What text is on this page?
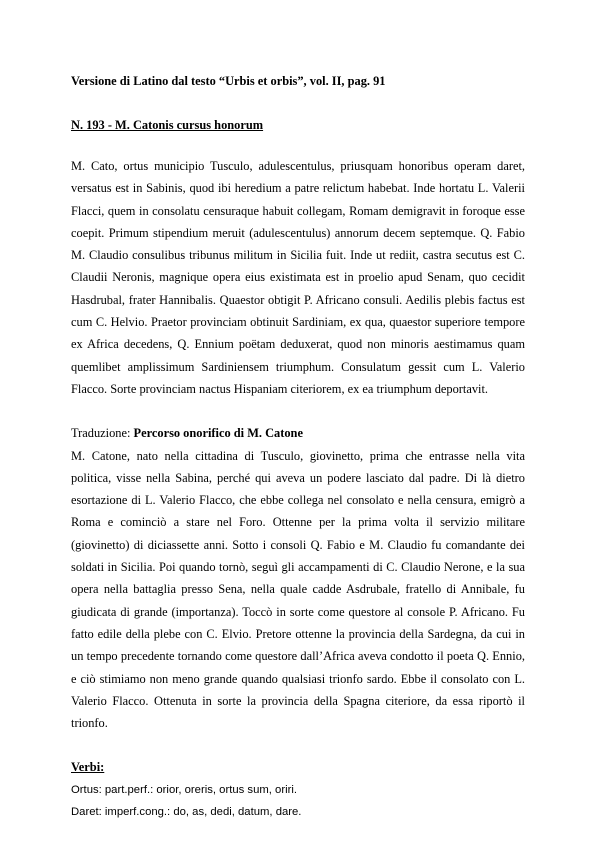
Versione di Latino dal testo “Urbis et orbis”, vol. II, pag. 91

N. 193 - M. Catonis cursus honorum

M. Cato, ortus municipio Tusculo, adulescentulus, priusquam honoribus operam daret, versatus est in Sabinis, quod ibi heredium a patre relictum habebat. Inde hortatu L. Valerii Flacci, quem in consolatu censuraque habuit collegam, Romam demigravit in foroque esse coepit. Primum stipendium meruit (adulescentulus) annorum decem septemque. Q. Fabio M. Claudio consulibus tribunus militum in Sicilia fuit. Inde ut rediit, castra secutus est C. Claudii Neronis, magnique opera eius existimata est in proelio apud Senam, quo cecidit Hasdrubal, frater Hannibalis. Quaestor obtigit P. Africano consuli. Aedilis plebis factus est cum C. Helvio. Praetor provinciam obtinuit Sardiniam, ex qua, quaestor superiore tempore ex Africa decedens, Q. Ennium poëtam deduxerat, quod non minoris aestimamus quam quemlibet amplissimum Sardiniensem triumphum. Consulatum gessit cum L. Valerio Flacco. Sorte provinciam nactus Hispaniam citeriorem, ex ea triumphum deportavit.

Traduzione: Percorso onorifico di M. Catone

M. Catone, nato nella cittadina di Tusculo, giovinetto, prima che entrasse nella vita politica, visse nella Sabina, perché qui aveva un podere lasciato dal padre. Di là dietro esortazione di L. Valerio Flacco, che ebbe collega nel consolato e nella censura, emigrò a Roma e cominciò a stare nel Foro. Ottenne per la prima volta il servizio militare (giovinetto) di diciassette anni. Sotto i consoli Q. Fabio e M. Claudio fu comandante dei soldati in Sicilia. Poi quando tornò, seguì gli accampamenti di C. Claudio Nerone, e la sua opera nella battaglia presso Sena, nella quale cadde Asdrubale, fratello di Annibale, fu giudicata di grande (importanza). Toccò in sorte come questore al console P. Africano. Fu fatto edile della plebe con C. Elvio. Pretore ottenne la provincia della Sardegna, da cui in un tempo precedente tornando come questore dall’Africa aveva condotto il poeta Q. Ennio, e ciò stimiamo non meno grande quando qualsiasi trionfo sardo. Ebbe il consolato con L. Valerio Flacco. Ottenuta in sorte la provincia della Spagna citeriore, da essa riportò il trionfo.

Verbi:

Ortus: part.perf.: orior, oreris, ortus sum, oriri.

Daret: imperf.cong.: do, as, dedi, datum, dare.
